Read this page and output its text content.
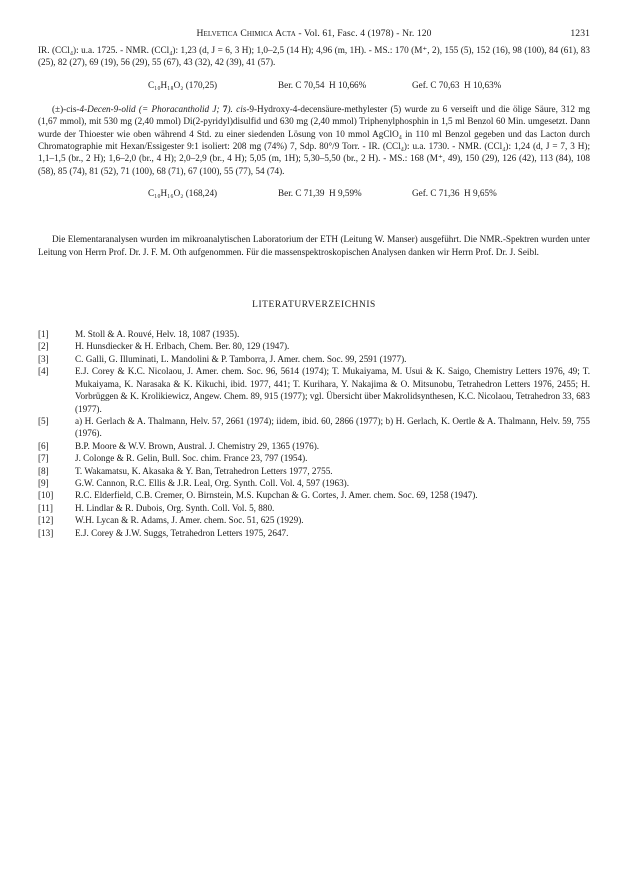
Helvetica Chimica Acta - Vol. 61, Fasc. 4 (1978) - Nr. 120	1231

IR. (CCl₄): u.a. 1725. - NMR. (CCl₄): 1,23 (d, J = 6, 3 H); 1,0–2,5 (14 H); 4,96 (m, 1H). - MS.: 170 (M⁺, 2), 155 (5), 152 (16), 98 (100), 84 (61), 83 (25), 82 (27), 69 (19), 56 (29), 55 (67), 43 (32), 42 (39), 41 (57).

C₁₀H₁₈O₂ (170,25)	Ber. C 70,54  H 10,66%	Gef. C 70,63  H 10,63%

(±)-cis-4-Decen-9-olid (= Phoracantholid J; 7). cis-9-Hydroxy-4-decensäure-methylester (5) wurde zu 6 verseift und die ölige Säure, 312 mg (1,67 mmol), mit 530 mg (2,40 mmol) Di(2-pyridyl)disulfid und 630 mg (2,40 mmol) Triphenylphosphin in 1,5 ml Benzol 60 Min. umgesetzt. Dann wurde der Thioester wie oben während 4 Std. zu einer siedenden Lösung von 10 mmol AgClO₄ in 110 ml Benzol gegeben und das Lacton durch Chromatographie mit Hexan/Essigester 9:1 isoliert: 208 mg (74%) 7, Sdp. 80°/9 Torr. - IR. (CCl₄): u.a. 1730. - NMR. (CCl₄): 1,24 (d, J = 7, 3 H); 1,1–1,5 (br., 2 H); 1,6–2,0 (br., 4 H); 2,0–2,9 (br., 4 H); 5,05 (m, 1H); 5,30–5,50 (br., 2 H). - MS.: 168 (M⁺, 49), 150 (29), 126 (42), 113 (84), 108 (58), 85 (74), 81 (52), 71 (100), 68 (71), 67 (100), 55 (77), 54 (74).

C₁₀H₁₆O₂ (168,24)	Ber. C 71,39  H 9,59%	Gef. C 71,36  H 9,65%

Die Elementaranalysen wurden im mikroanalytischen Laboratorium der ETH (Leitung W. Manser) ausgeführt. Die NMR.-Spektren wurden unter Leitung von Herrn Prof. Dr. J. F. M. Oth aufgenommen. Für die massenspektroskopischen Analysen danken wir Herrn Prof. Dr. J. Seibl.

LITERATURVERZEICHNIS
[1]	M. Stoll & A. Rouvé, Helv. 18, 1087 (1935).
[2]	H. Hunsdiecker & H. Erlbach, Chem. Ber. 80, 129 (1947).
[3]	C. Galli, G. Illuminati, L. Mandolini & P. Tamborra, J. Amer. chem. Soc. 99, 2591 (1977).
[4]	E.J. Corey & K.C. Nicolaou, J. Amer. chem. Soc. 96, 5614 (1974); T. Mukaiyama, M. Usui & K. Saigo, Chemistry Letters 1976, 49; T. Mukaiyama, K. Narasaka & K. Kikuchi, ibid. 1977, 441; T. Kurihara, Y. Nakajima & O. Mitsunobu, Tetrahedron Letters 1976, 2455; H. Vorbrüggen & K. Krolikiewicz, Angew. Chem. 89, 915 (1977); vgl. Übersicht über Makrolidsynthesen, K.C. Nicolaou, Tetrahedron 33, 683 (1977).
[5]	a) H. Gerlach & A. Thalmann, Helv. 57, 2661 (1974); iidem, ibid. 60, 2866 (1977); b) H. Gerlach, K. Oertle & A. Thalmann, Helv. 59, 755 (1976).
[6]	B.P. Moore & W.V. Brown, Austral. J. Chemistry 29, 1365 (1976).
[7]	J. Colonge & R. Gelin, Bull. Soc. chim. France 23, 797 (1954).
[8]	T. Wakamatsu, K. Akasaka & Y. Ban, Tetrahedron Letters 1977, 2755.
[9]	G.W. Cannon, R.C. Ellis & J.R. Leal, Org. Synth. Coll. Vol. 4, 597 (1963).
[10] R.C. Elderfield, C.B. Cremer, O. Birnstein, M.S. Kupchan & G. Cortes, J. Amer. chem. Soc. 69, 1258 (1947).
[11] H. Lindlar & R. Dubois, Org. Synth. Coll. Vol. 5, 880.
[12] W.H. Lycan & R. Adams, J. Amer. chem. Soc. 51, 625 (1929).
[13] E.J. Corey & J.W. Suggs, Tetrahedron Letters 1975, 2647.
